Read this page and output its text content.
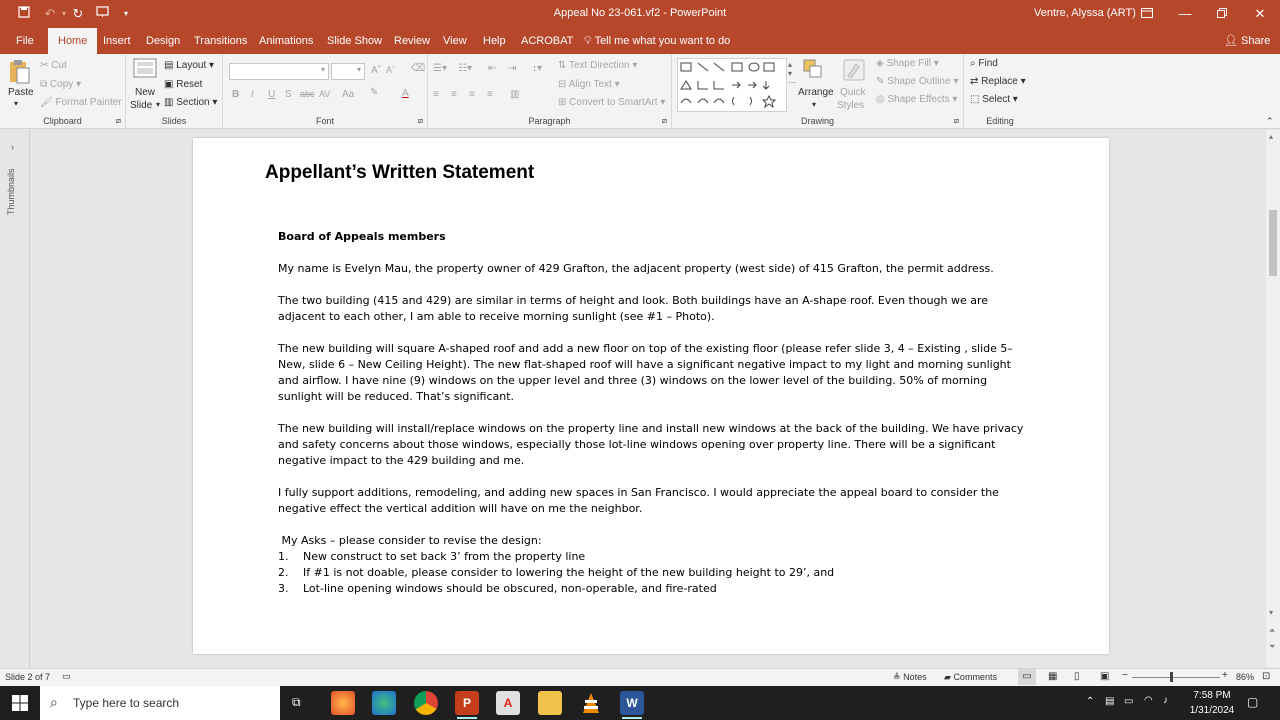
↶ ▾ ↻	▾	Appeal No 23-061.vf2 - PowerPoint	Ventre, Alyssa (ART)	—	✕
File	Home	Insert Design Transitions Animations Slide Show Review View Help ACROBAT 💡︎ Tell me what you want to do	👤︎ Share
Paste
▾
✂ Cut
⧉ Copy ▾
🖌︎ Format Painter
Clipboard	⧄
New
Slide ▾
▤ Layout ▾
▣ Reset
▥ Section ▾
Slides
▾	▾ Aˆ Aˇ ⌫
B I U S abc AV Aa ✎ A
Font	⧄
☰▾ ☷▾ ⇤ ⇥ ↕▾
≡ ≡ ≡ ≡ ▥
⇅ Text Direction ▾
⊟ Align Text ▾
⊞ Convert to SmartArt ▾
Paragraph	⧄
▴
▾
⋯
Arrange
▾
Quick
Styles
◈ Shape Fill ▾
✎ Shape Outline ▾
◎ Shape Effects ▾
Drawing	⧄
⌕ Find
⇄ Replace ▾
⬚ Select ▾
Editing	⌃
›
Thumbnails	Appellant’s Written Statement

Board of Appeals members

My name is Evelyn Mau, the property owner of 429 Grafton, the adjacent property (west side) of 415 Grafton, the permit address.

The two building (415 and 429) are similar in terms of height and look. Both buildings have an A-shape roof. Even though we are adjacent to each other, I am able to receive morning sunlight (see #1 – Photo).

The new building will square A-shaped roof and add a new floor on top of the existing floor (please refer slide 3, 4 – Existing , slide 5–New, slide 6 – New Ceiling Height). The new flat-shaped roof will have a significant negative impact to my light and morning sunlight and airflow. I have nine (9) windows on the upper level and three (3) windows on the lower level of the building. 50% of morning sunlight will be reduced. That’s significant.

The new building will install/replace windows on the property line and install new windows at the back of the building. We have privacy and safety concerns about those windows, especially those lot-line windows opening over property line. There will be a significant negative impact to the 429 building and me.

I fully support additions, remodeling, and adding new spaces in San Francisco. I would appreciate the appeal board to consider the negative effect the vertical addition will have on me the neighbor.

My Asks – please consider to revise the design:
1. New construct to set back 3’ from the property line
2. If #1 is not doable, please consider to lowering the height of the new building height to 29’, and
3. Lot-line opening windows should be obscured, non-operable, and fire-rated
▴
▾
⏶
⏷
Slide 2 of 7 ▭	≜ Notes ▰ Comments	▭	▦ ▯ ▣ −	+ 86% ⊡
⌕ Type here to search	⧉	P	A	W	⌃ ▤ ▭ ◠ ♪	7:58 PM
1/31/2024
▢
